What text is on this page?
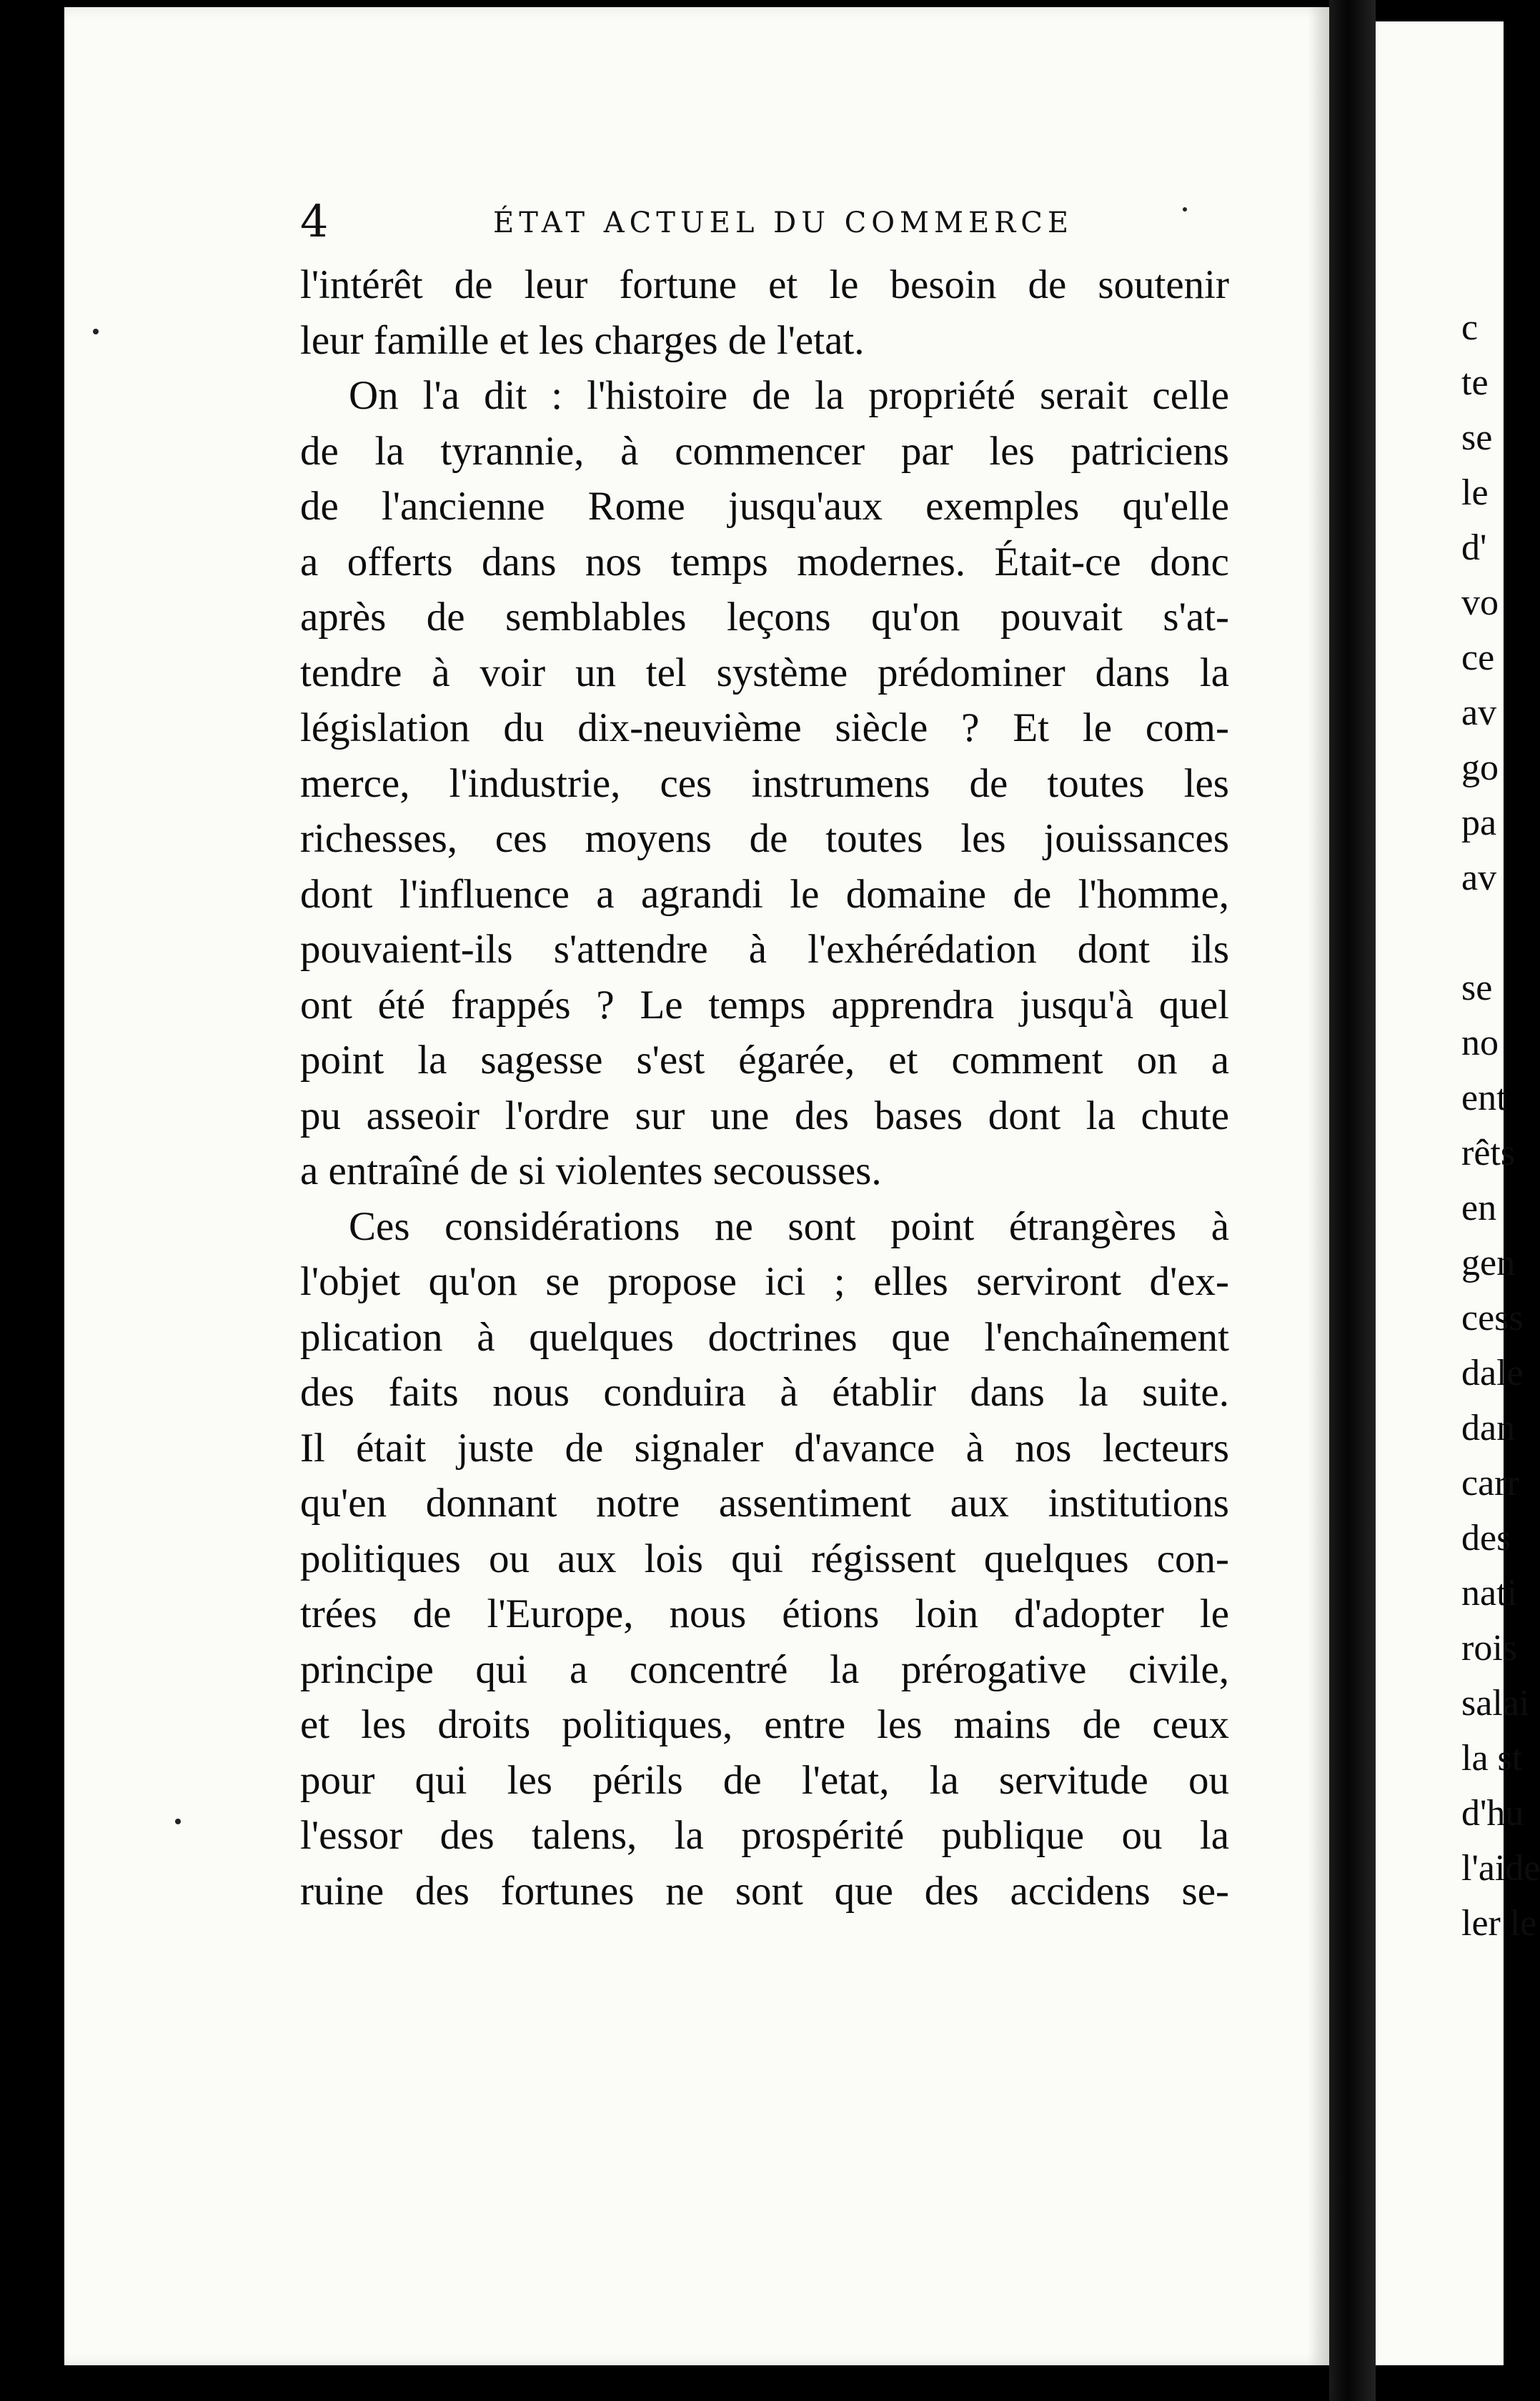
4	ÉTAT ACTUEL DU COMMERCE
l'intérêt de leur fortune et le besoin de soutenir
leur famille et les charges de l'etat.
On l'a dit : l'histoire de la propriété serait celle
de la tyrannie, à commencer par les patriciens
de l'ancienne Rome jusqu'aux exemples qu'elle
a offerts dans nos temps modernes. Était-ce donc
après de semblables leçons qu'on pouvait s'at-
tendre à voir un tel système prédominer dans la
législation du dix-neuvième siècle ? Et le com-
merce, l'industrie, ces instrumens de toutes les
richesses, ces moyens de toutes les jouissances
dont l'influence a agrandi le domaine de l'homme,
pouvaient-ils s'attendre à l'exhérédation dont ils
ont été frappés ? Le temps apprendra jusqu'à quel
point la sagesse s'est égarée, et comment on a
pu asseoir l'ordre sur une des bases dont la chute
a entraîné de si violentes secousses.
Ces considérations ne sont point étrangères à
l'objet qu'on se propose ici ; elles serviront d'ex-
plication à quelques doctrines que l'enchaînement
des faits nous conduira à établir dans la suite.
Il était juste de signaler d'avance à nos lecteurs
qu'en donnant notre assentiment aux institutions
politiques ou aux lois qui régissent quelques con-
trées de l'Europe, nous étions loin d'adopter le
principe qui a concentré la prérogative civile,
et les droits politiques, entre les mains de ceux
pour qui les périls de l'etat, la servitude ou
l'essor des talens, la prospérité publique ou la
ruine des fortunes ne sont que des accidens se-
c
te
se
le
d'
vo
ce
av
go
pa
av
se
no
ent
rêts
en
gen
cess
dale
dan
carr
des
nati
rois
salai
la st
d'hu
l'aide
ler le
